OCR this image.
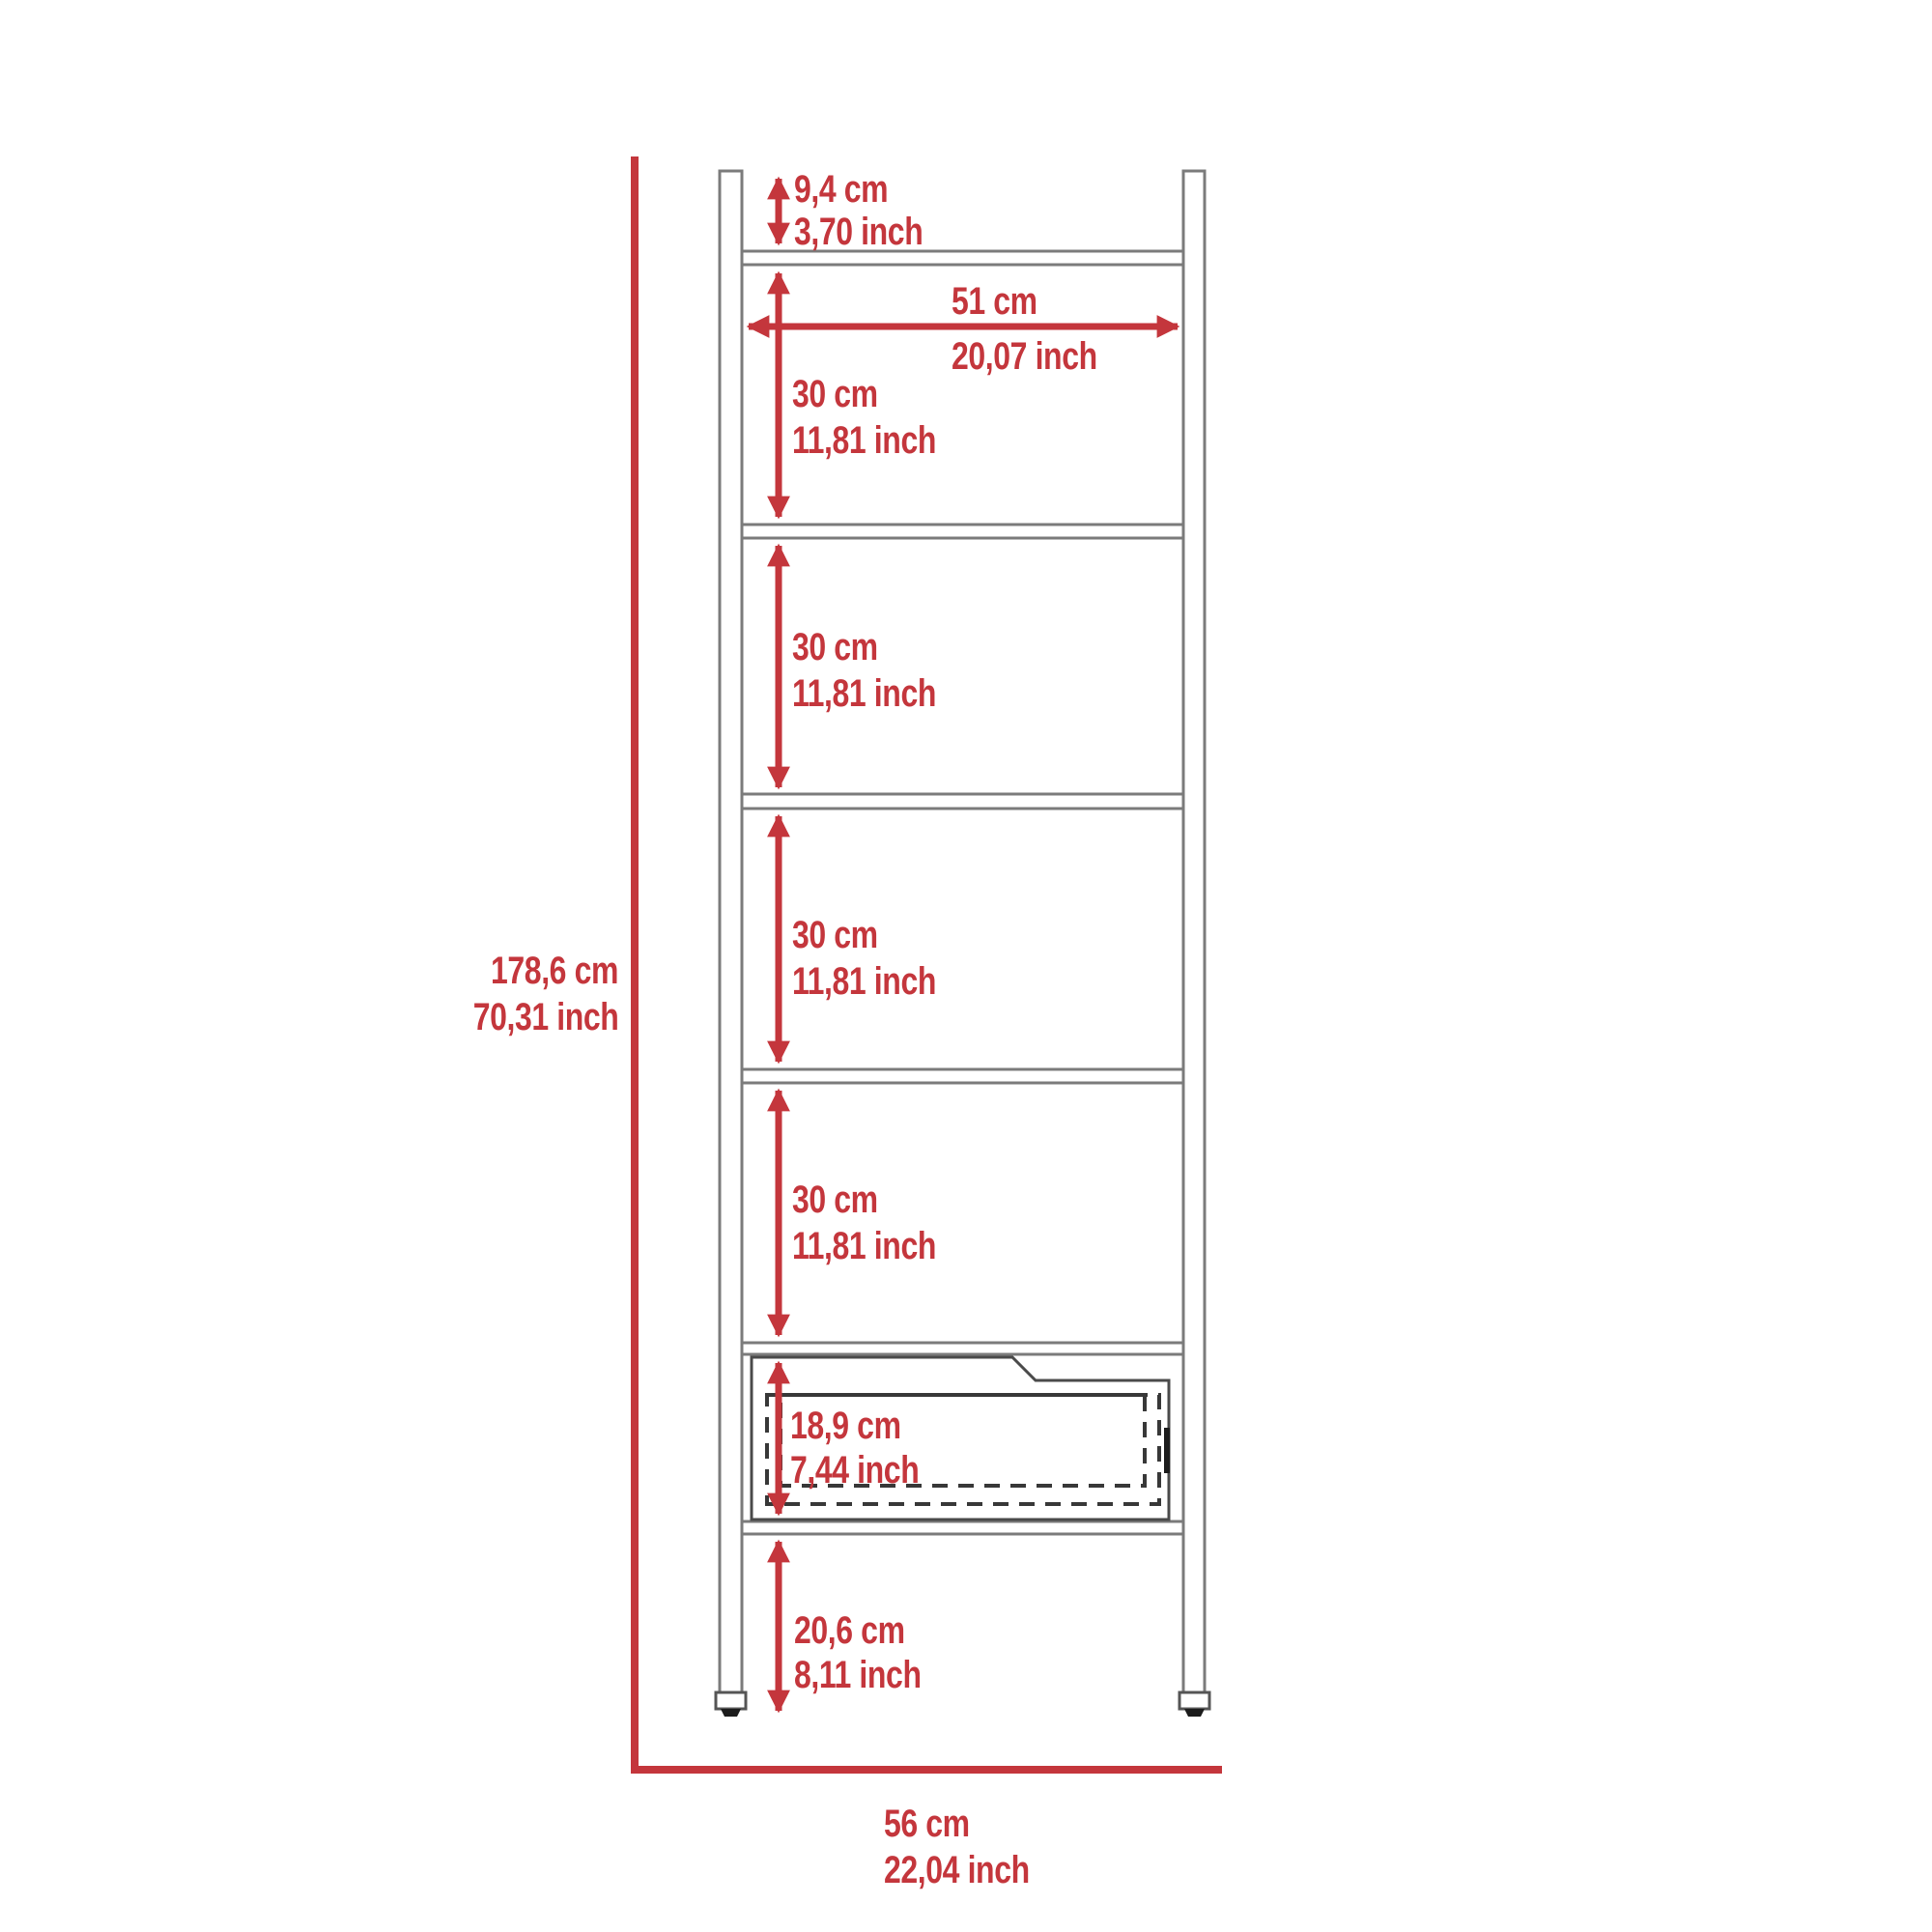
9,4 cm
3,70 inch
51 cm
20,07 inch
30 cm
11,81 inch
30 cm
11,81 inch
30 cm
11,81 inch
30 cm
11,81 inch
18,9 cm
7,44 inch
20,6 cm
8,11 inch
178,6 cm
70,31 inch
56 cm
22,04 inch
